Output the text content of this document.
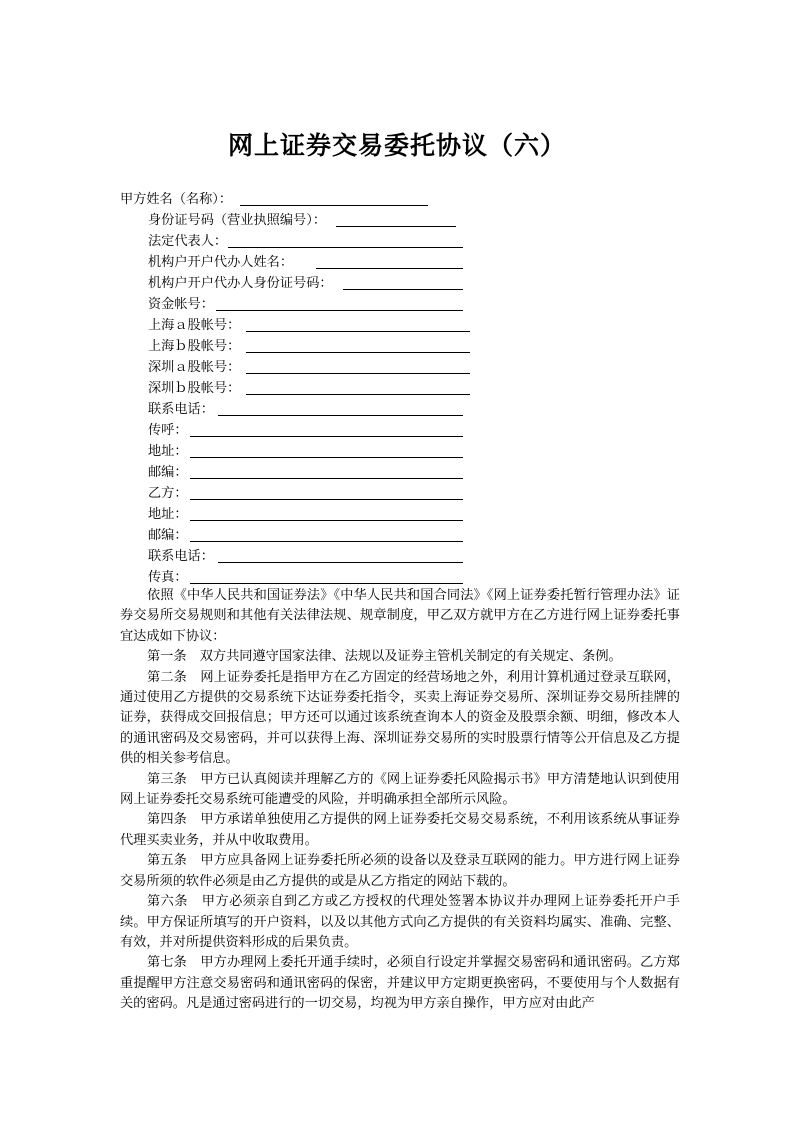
网上证券交易委托协议（六）
甲方姓名（名称）：
身份证号码（营业执照编号）：
法定代表人：
机构户开户代办人姓名：
机构户开户代办人身份证号码：
资金帐号：
上海ａ股帐号：
上海ｂ股帐号：
深圳ａ股帐号：
深圳ｂ股帐号：
联系电话：
传呼：
地址：
邮编：
乙方：
地址：
邮编：
联系电话：
传真：

依照《中华人民共和国证券法》《中华人民共和国合同法》《网上证券委托暂行管理办法》证券交易所交易规则和其他有关法律法规、规章制度，甲乙双方就甲方在乙方进行网上证券委托事宜达成如下协议：

第一条　双方共同遵守国家法律、法规以及证券主管机关制定的有关规定、条例。

第二条　网上证券委托是指甲方在乙方固定的经营场地之外，利用计算机通过登录互联网，通过使用乙方提供的交易系统下达证券委托指令，买卖上海证券交易所、深圳证券交易所挂牌的证券，获得成交回报信息；甲方还可以通过该系统查询本人的资金及股票余额、明细，修改本人的通讯密码及交易密码，并可以获得上海、深圳证券交易所的实时股票行情等公开信息及乙方提供的相关参考信息。

第三条　甲方已认真阅读并理解乙方的《网上证券委托风险揭示书》甲方清楚地认识到使用网上证券委托交易系统可能遭受的风险，并明确承担全部所示风险。

第四条　甲方承诺单独使用乙方提供的网上证券委托交易交易系统，不利用该系统从事证券代理买卖业务，并从中收取费用。

第五条　甲方应具备网上证券委托所必须的设备以及登录互联网的能力。甲方进行网上证券交易所须的软件必须是由乙方提供的或是从乙方指定的网站下载的。

第六条　甲方必须亲自到乙方或乙方授权的代理处签署本协议并办理网上证券委托开户手续。甲方保证所填写的开户资料，以及以其他方式向乙方提供的有关资料均属实、准确、完整、有效，并对所提供资料形成的后果负责。

第七条　甲方办理网上委托开通手续时，必须自行设定并掌握交易密码和通讯密码。乙方郑重提醒甲方注意交易密码和通讯密码的保密，并建议甲方定期更换密码，不要使用与个人数据有关的密码。凡是通过密码进行的一切交易，均视为甲方亲自操作，甲方应对由此产
